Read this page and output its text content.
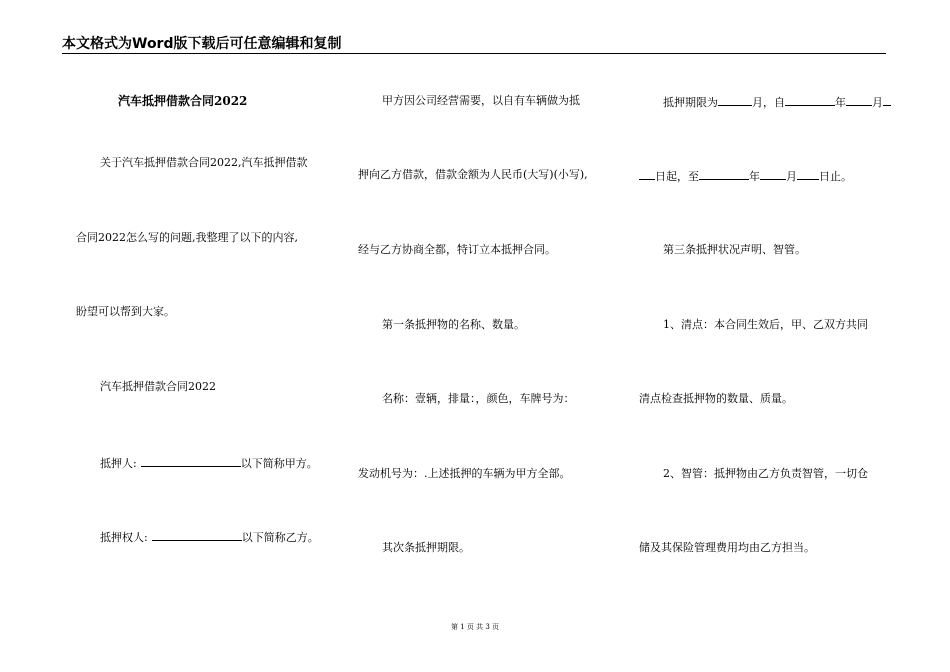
本文格式为Word版下载后可任意编辑和复制
汽车抵押借款合同2022
关于汽车抵押借款合同2022,汽车抵押借款
合同2022怎么写的问题,我整理了以下的内容,
盼望可以帮到大家。
汽车抵押借款合同2022
抵押人:	以下简称甲方。
抵押权人:	以下简称乙方。
甲方因公司经营需要，以自有车辆做为抵
押向乙方借款，借款金额为人民币(大写)(小写),
经与乙方协商全都，特订立本抵押合同。
第一条抵押物的名称、数量。
名称：壹辆，排量：，颜色，车牌号为：
发动机号为：.上述抵押的车辆为甲方全部。
其次条抵押期限。
抵押期限为	月，自	年 月
日起，至	年 月 日止。
第三条抵押状况声明、智管。
1、清点：本合同生效后，甲、乙双方共同
清点检查抵押物的数量、质量。
2、智管：抵押物由乙方负责智管，一切仓
储及其保险管理费用均由乙方担当。
第 1 页 共 3 页
